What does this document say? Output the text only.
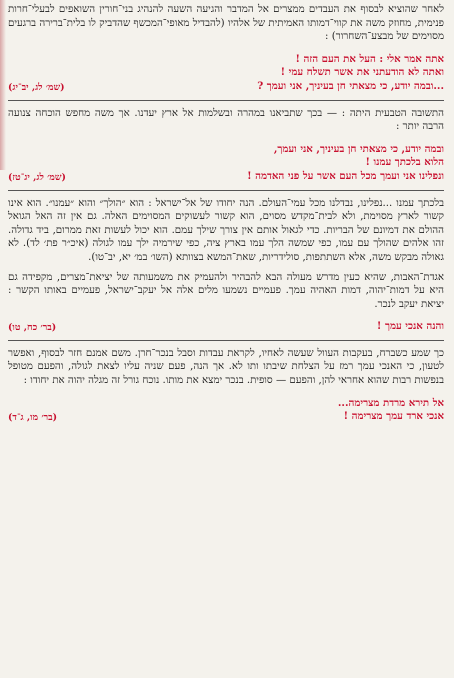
לאחר שהוציא לבסוף את העבדים ממצרים אל המדבר והגיעה השעה להנהיג בני־חורין השואפים לבעלי־חרות פנימית, מחוזק משה את קווי־דמותו האמיתית של אלהיו (להבדיל מאופי־המכשף שהדביק לו בלית־ברירה ברגעים מסוימים של מבצע־השחרור) :

אתה אמר אלי : העל את העם הזה !
ואתה לא הודעתני את אשר תשלח עמי !
...ובמה יודע, כי מצאתי חן בעיניך, אני ועמך ?
(שמ׳ לג, יב־יג)

התשובה הטבעית היתה : — בכך שתביאנו במהרה ובשלמות אל ארץ יעדנו. אך משה מחפש הוכחה צנועה הרבה יותר :

ובמה יודע, כי מצאתי חן בעיניך, אני ועמך,
הלוא בלכתך עמנו !
ונפלינו אני ועמך מכל העם אשר על פני האדמה !
(שמ׳ לג, יג־טז)

בלכתך עמנו ...נפלינו, נבדלנו מכל עמי־העולם. הנה יחודו של אל־ישראל : הוא ״הולך״ והוא ״עמנו״. הוא אינו קשור לארץ מסוימת, ולא לבית־מקדש מסוים, הוא קשור לעשוקים המסוימים האלה. גם אין זה האל הגואל ההולם את דמיונם של הבריות. כדי לגאול אותם אין צורך שילך עמם. הוא יכול לעשות זאת ממרום, ביד גדולה. זהו אלהים שהולך עם עמו, כפי שמשה הלך עמו בארץ ציה, כפי שירמיה ילך עמו לגולה (איכ״ר פת׳ לד). לא גאולה מבקש משה, אלא השתתפות, סולידריות, שאת־המשא בצוותא (השו׳ במ׳ יא, יב־טו).

אגדת־האבות, שהיא כעין מדרש מעולה הבא להבהיר ולהעמיק את משמעותה של יציאת־מצרים, מקפידה גם היא על דמות־יהוה, דמות האהיה עמך. פעמיים נשמעו מלים אלה אל יעקב־ישראל, פעמיים באותו הקשר : יציאת יעקב לנכר.

והנה אנכי עמך !
(בר׳ כח, טו)

כך שמע כשברח, בעקבות העוול שעשה לאחיו, לקראת עבדות וסבל בנכר־חרן. משם אמנם חזר לבסוף, ואפשר לטעון, כי האנכי עמך רמז על הצלחת שיבתו ותו לא. אך הנה, פעם שניה עליו לצאת לגולה, והפעם מטופל בנפשות רבות שהוא אחראי להן, והפעם — סופית. בנכר ימצא את מותו. נוכח גורל זה מגלה יהוה את יחודו :

אל תירא מרדת מצרימה...
אנכי ארד עמך מצרימה !
(בר׳ מו, ג־ד)
